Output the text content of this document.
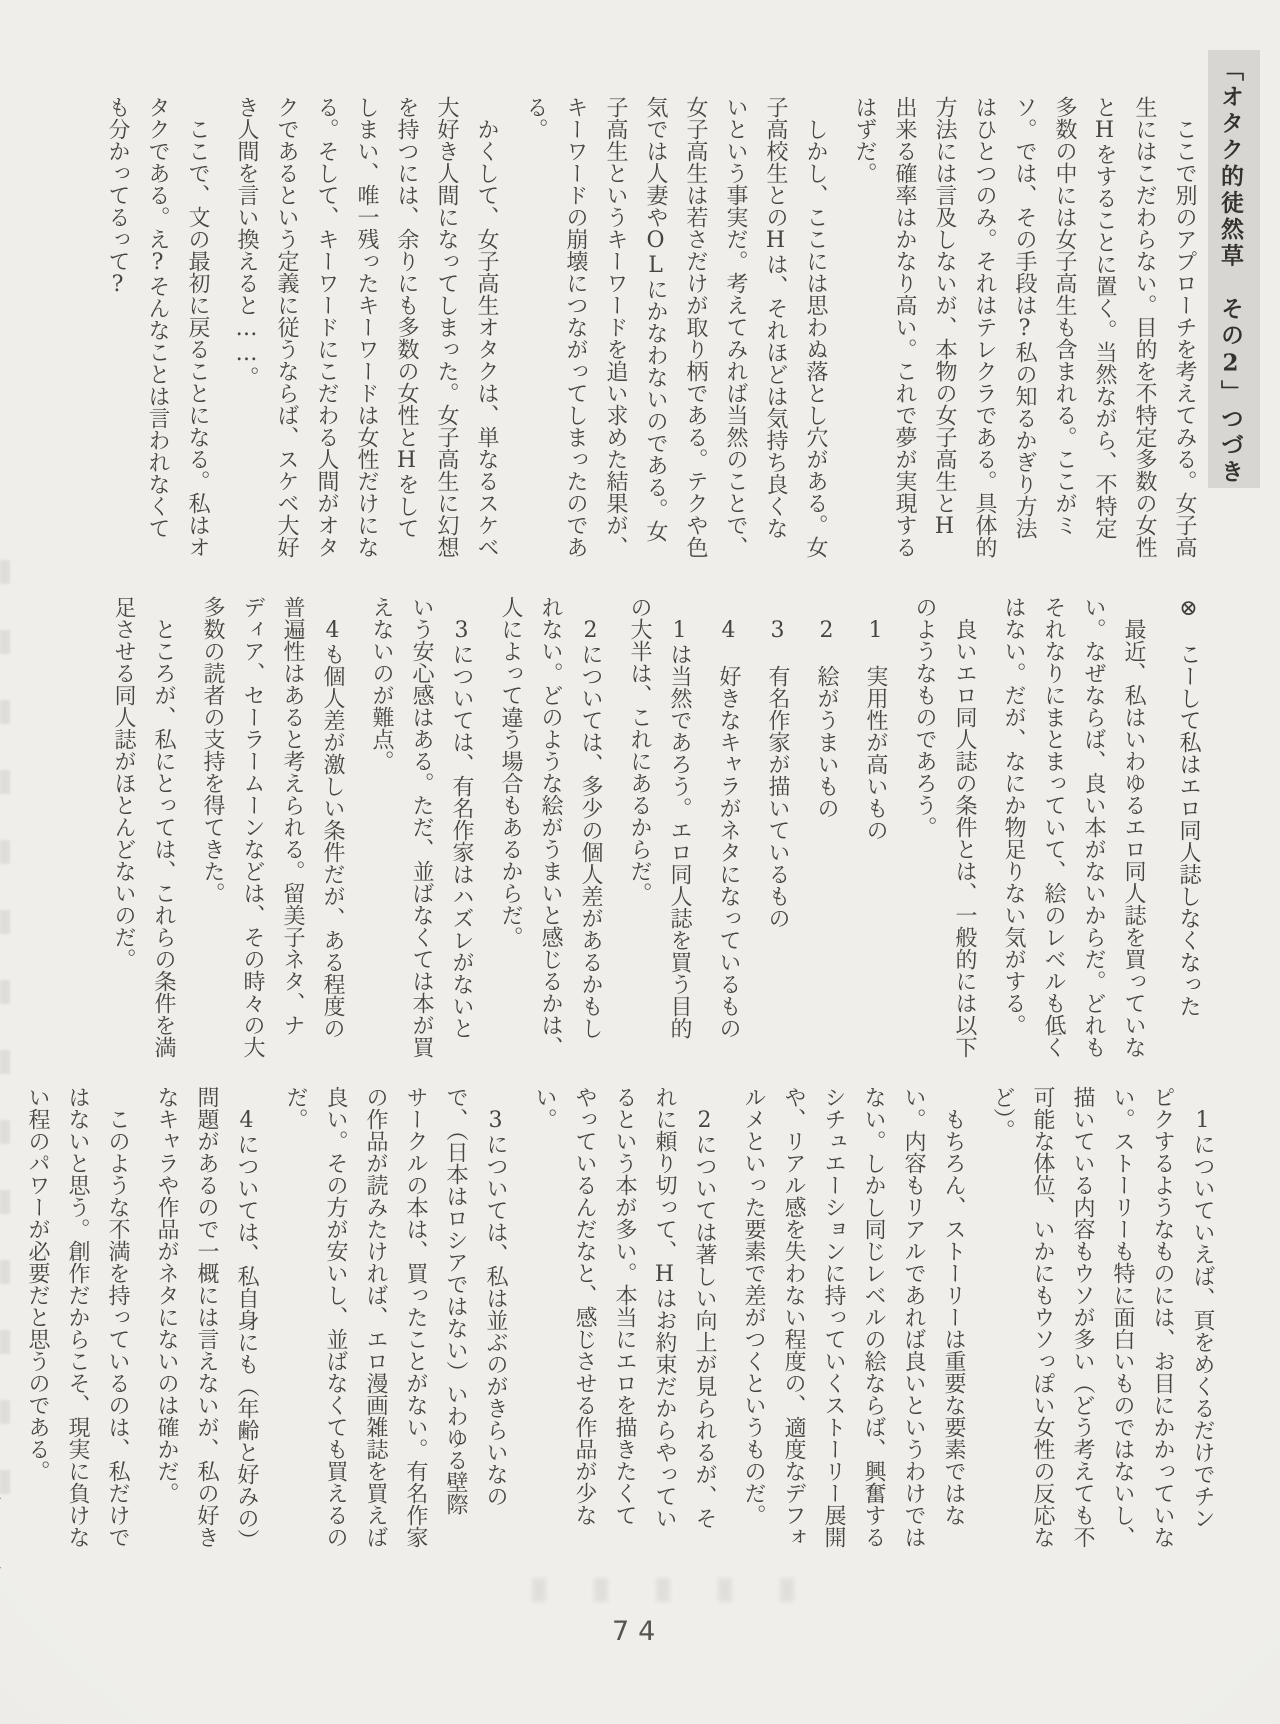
「オタク的徒然草　その2」つづき

ここで別のアプローチを考えてみる。女子高生にはこだわらない。目的を不特定多数の女性とHをすることに置く。当然ながら、不特定多数の中には女子高生も含まれる。ここがミソ。では、その手段は?私の知るかぎり方法はひとつのみ。それはテレクラである。具体的方法には言及しないが、本物の女子高生とH出来る確率はかなり高い。これで夢が実現するはずだ。

しかし、ここには思わぬ落とし穴がある。女子高校生とのHは、それほどは気持ち良くないという事実だ。考えてみれば当然のことで、女子高生は若さだけが取り柄である。テクや色気では人妻やOLにかなわないのである。女子高生というキーワードを追い求めた結果が、キーワードの崩壊につながってしまったのである。

かくして、女子高生オタクは、単なるスケベ大好き人間になってしまった。女子高生に幻想を持つには、余りにも多数の女性とHをしてしまい、唯一残ったキーワードは女性だけになる。そして、キーワードにこだわる人間がオタクであるという定義に従うならば、スケベ大好き人間を言い換えると……。

ここで、文の最初に戻ることになる。私はオタクである。え?そんなことは言われなくても分かってるって?

⊗　こーして私はエロ同人誌しなくなった

最近、私はいわゆるエロ同人誌を買っていない。なぜならば、良い本がないからだ。どれもそれなりにまとまっていて、絵のレベルも低くはない。だが、なにか物足りない気がする。

良いエロ同人誌の条件とは、一般的には以下のようなものであろう。

1　実用性が高いもの

2　絵がうまいもの

3　有名作家が描いているもの

4　好きなキャラがネタになっているもの

1は当然であろう。エロ同人誌を買う目的の大半は、これにあるからだ。

2については、多少の個人差があるかもしれない。どのような絵がうまいと感じるかは、人によって違う場合もあるからだ。

3については、有名作家はハズレがないという安心感はある。ただ、並ばなくては本が買えないのが難点。

4も個人差が激しい条件だが、ある程度の普遍性はあると考えられる。留美子ネタ、ナディア、セーラームーンなどは、その時々の大多数の読者の支持を得てきた。

ところが、私にとっては、これらの条件を満足させる同人誌がほとんどないのだ。

1についていえば、頁をめくるだけでチンピクするようなものには、お目にかかっていない。ストーリーも特に面白いものではないし、描いている内容もウソが多い（どう考えても不可能な体位、いかにもウソっぽい女性の反応など）。

もちろん、ストーリーは重要な要素ではない。内容もリアルであれば良いというわけではない。しかし同じレベルの絵ならば、興奮するシチュエーションに持っていくストーリー展開や、リアル感を失わない程度の、適度なデフォルメといった要素で差がつくというものだ。

2については著しい向上が見られるが、それに頼り切って、Hはお約束だからやっているという本が多い。本当にエロを描きたくてやっているんだなと、感じさせる作品が少ない。

3については、私は並ぶのがきらいなので、（日本はロシアではない）いわゆる壁際サークルの本は、買ったことがない。有名作家の作品が読みたければ、エロ漫画雑誌を買えば良い。その方が安いし、並ばなくても買えるのだ。

4については、私自身にも（年齢と好みの）問題があるので一概には言えないが、私の好きなキャラや作品がネタにないのは確かだ。

このような不満を持っているのは、私だけではないと思う。創作だからこそ、現実に負けない程のパワーが必要だと思うのである。

74
